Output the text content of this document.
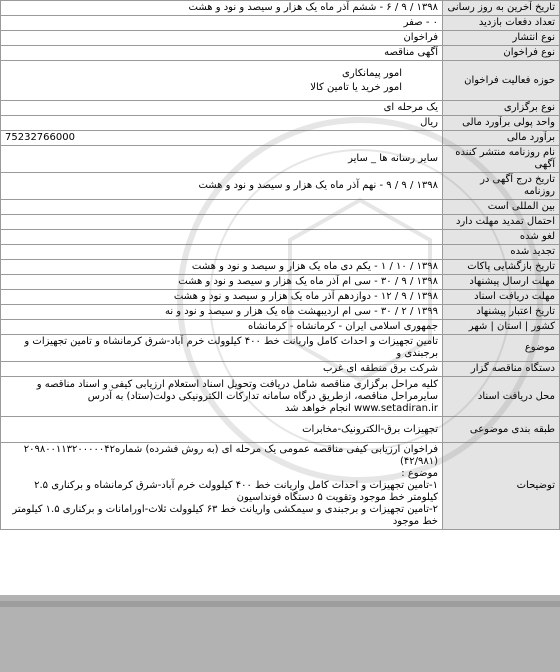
تاریخ آخرین به روز رسانی	۱۳۹۸ / ۹ / ۶ - ششم آذر ماه یک هزار و سیصد و نود و هشت

تعداد دفعات بازدید	۰ - صفر

نوع انتشار	فراخوان

نوع فراخوان	آگهی مناقصه

حوزه فعالیت فراخوان	امور پیمانکاری
امور خرید یا تامین کالا

نوع برگزاری	یک مرحله ای

واحد پولی برآورد مالی	ریال

برآورد مالی	75232766000

نام روزنامه منتشر کننده آگهی	سایر رسانه ها _ سایر

تاریخ درج آگهی در روزنامه	۱۳۹۸ / ۹ / ۹ - نهم آذر ماه یک هزار و سیصد و نود و هشت

بین المللی است	

احتمال تمدید مهلت دارد	

لغو شده	

تجدید شده	

تاریخ بازگشایی پاکات	۱۳۹۸ / ۱۰ / ۱ - یکم دی ماه یک هزار و سیصد و نود و هشت

مهلت ارسال پیشنهاد	۱۳۹۸ / ۹ / ۳۰ - سی ام آذر ماه یک هزار و سیصد و نود و هشت

مهلت دریافت اسناد	۱۳۹۸ / ۹ / ۱۲ - دوازدهم آذر ماه یک هزار و سیصد و نود و هشت

تاریخ اعتبار پیشنهاد	۱۳۹۹ / ۲ / ۳۰ - سی ام اردیبهشت ماه یک هزار و سیصد و نود و نه

کشور | استان | شهر	جمهوری اسلامی ایران - کرمانشاه - کرمانشاه

موضوع	تامین تجهیزات و احداث کامل واریانت خط ۴۰۰ کیلوولت خرم آباد-شرق کرمانشاه و تامین تجهیزات و برجبندی و

دستگاه مناقصه گزار	شرکت برق منطقه ای غرب

محل دریافت اسناد	کلیه مراحل برگزاری مناقصه شامل دریافت وتحویل اسناد استعلام ارزیابی کیفی و اسناد مناقصه و سایرمراحل مناقصه، ازطریق درگاه سامانه تدارکات الکترونیکی دولت(ستاد) به آدرس www.setadiran.ir انجام خواهد شد

طبقه بندی موضوعی	تجهیزات برق-الکترونیک-مخابرات

توضیحات	فراخوان ارزیابی کیفی مناقصه عمومی یک مرحله ای (به روش فشرده) شماره۲۰۹۸۰۰۱۱۳۲۰۰۰۰۰۴۲ (۴۲/۹۸۱)
موضوع :
۱-تامین تجهیزات و احداث کامل واریانت خط ۴۰۰ کیلوولت خرم آباد-شرق کرمانشاه و برکناری ۲.۵ کیلومتر خط موجود وتقویت ۵ دستگاه فونداسیون
۲-تامین تجهیزات و برجبندی و سیمکشی واریانت خط ۶۳ کیلوولت ثلاث-اورامانات و برکناری ۱.۵ کیلومتر خط موجود
